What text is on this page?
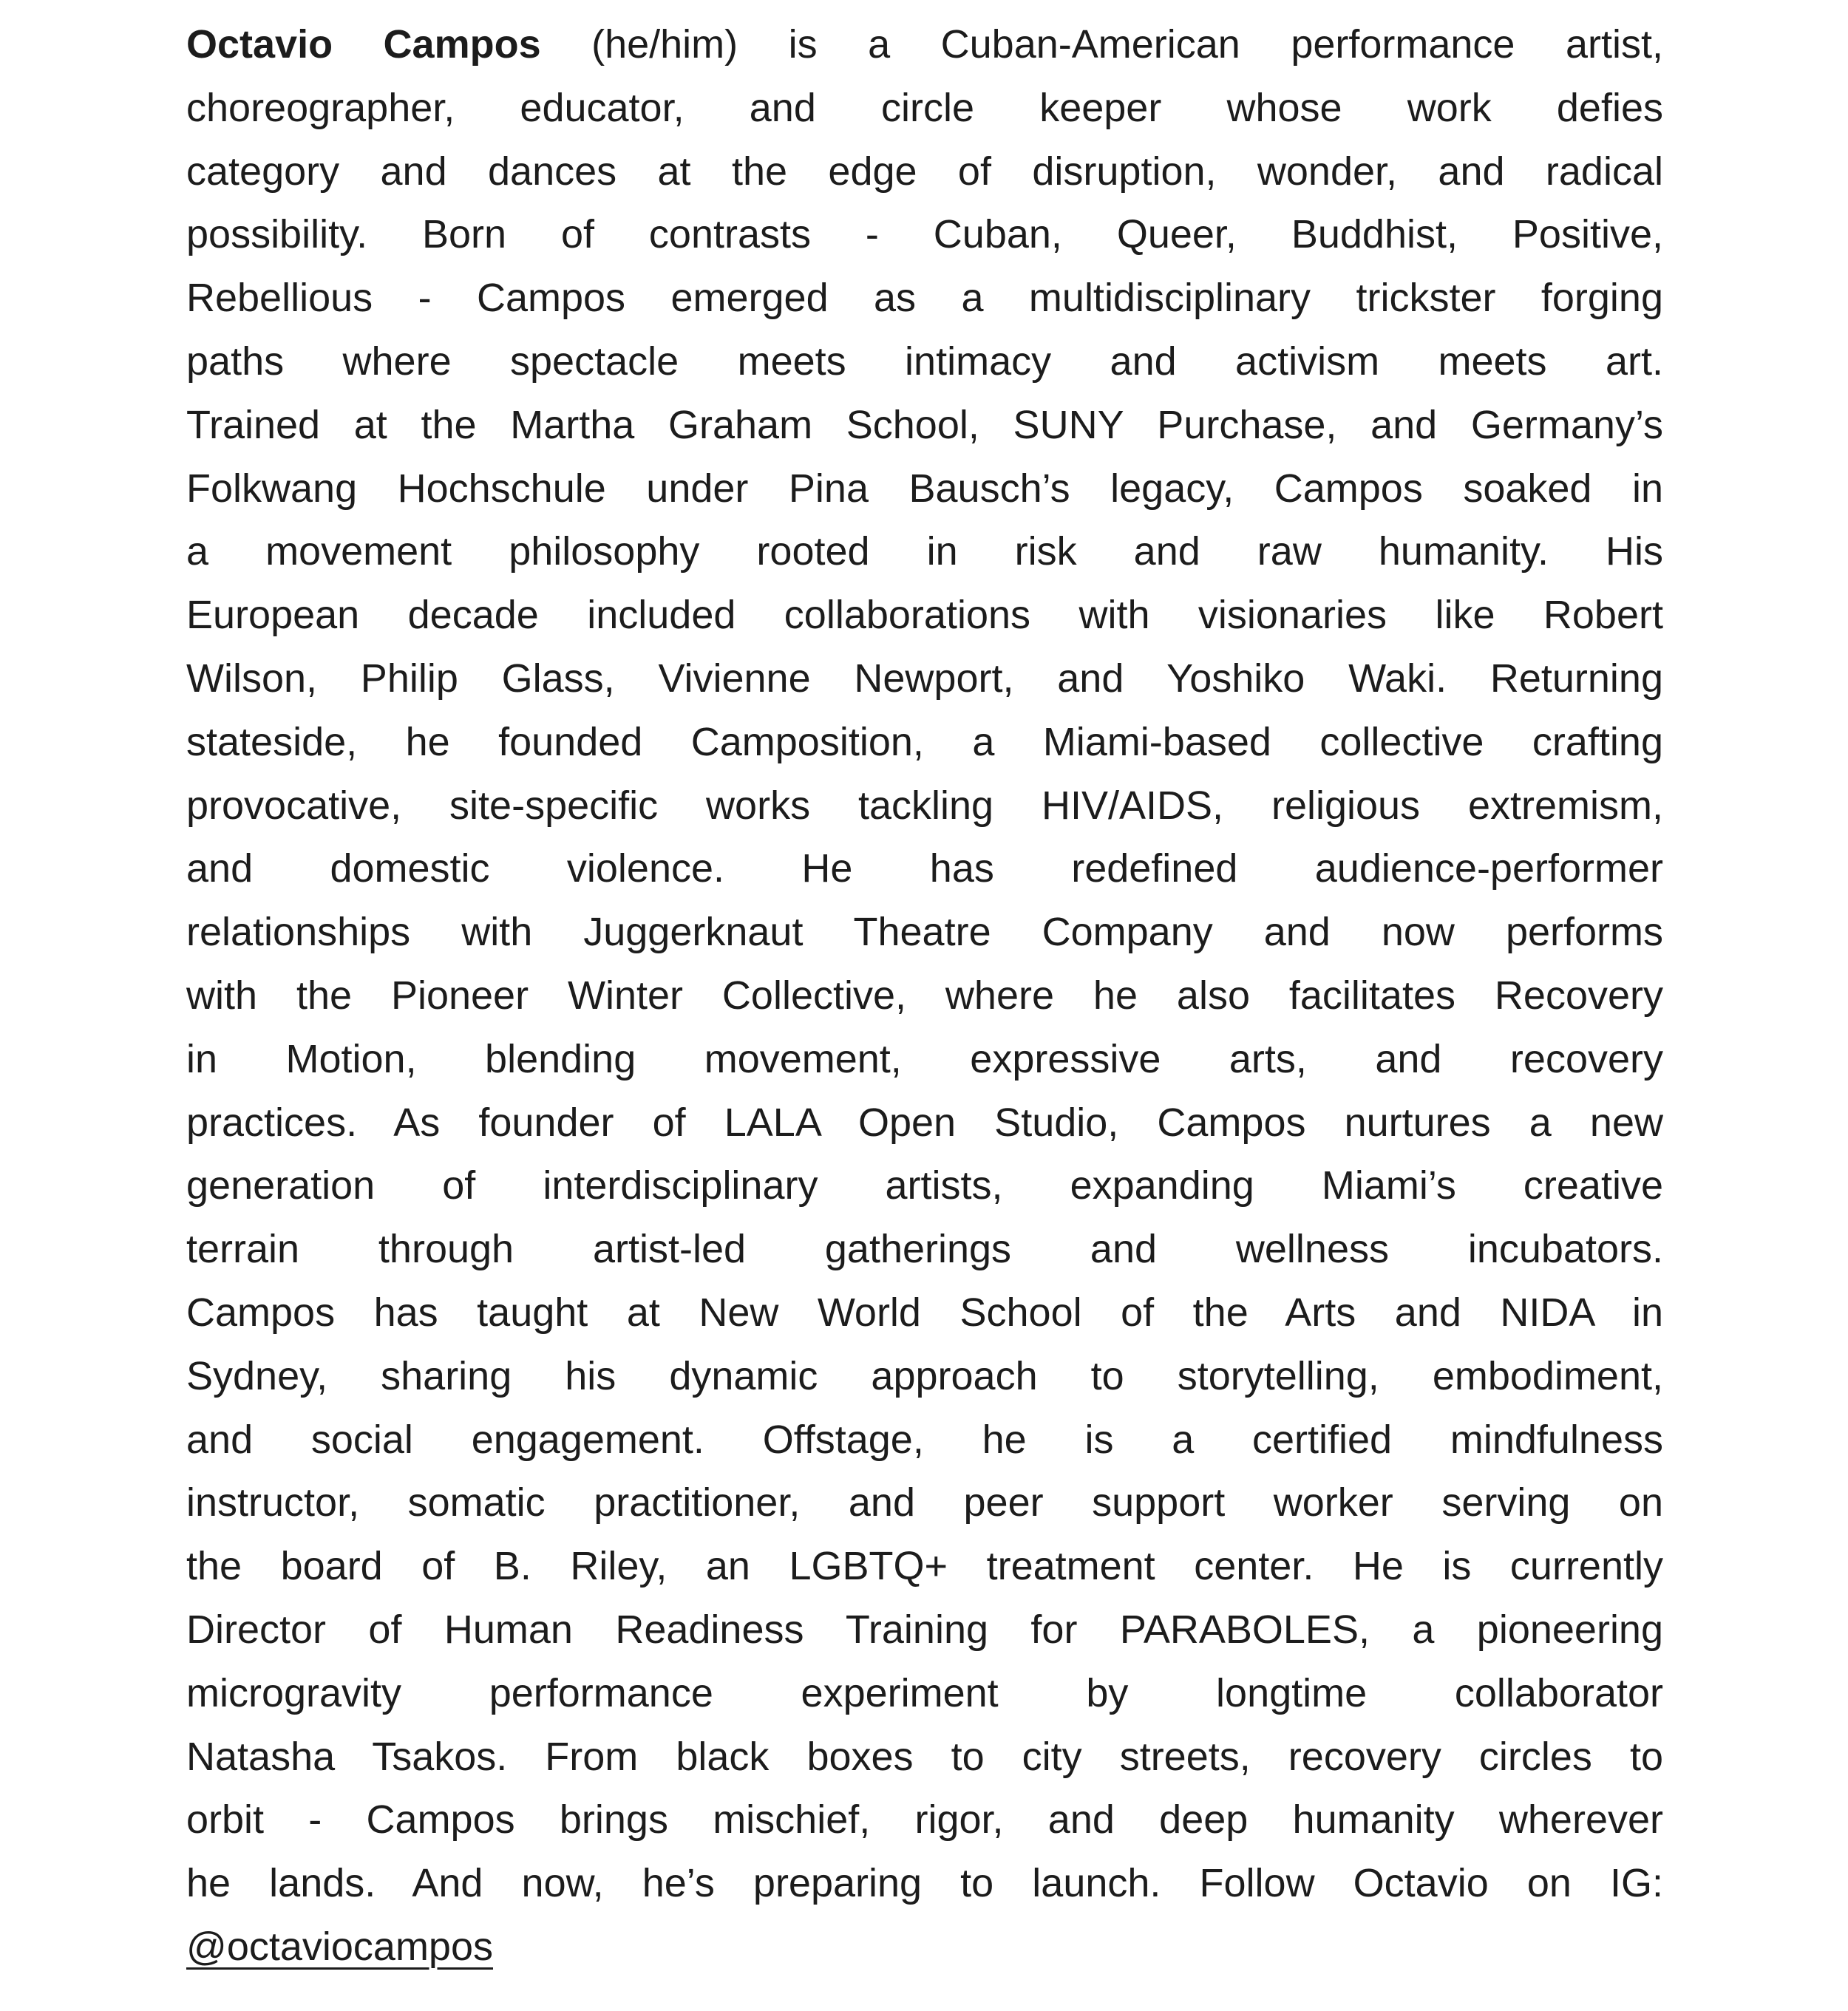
Octavio Campos (he/him) is a Cuban-American performance artist,
choreographer, educator, and circle keeper whose work defies
category and dances at the edge of disruption, wonder, and radical
possibility. Born of contrasts - Cuban, Queer, Buddhist, Positive,
Rebellious - Campos emerged as a multidisciplinary trickster forging
paths where spectacle meets intimacy and activism meets art.
Trained at the Martha Graham School, SUNY Purchase, and Germany’s
Folkwang Hochschule under Pina Bausch’s legacy, Campos soaked in
a movement philosophy rooted in risk and raw humanity. His
European decade included collaborations with visionaries like Robert
Wilson, Philip Glass, Vivienne Newport, and Yoshiko Waki. Returning
stateside, he founded Camposition, a Miami-based collective crafting
provocative, site-specific works tackling HIV/AIDS, religious extremism,
and domestic violence. He has redefined audience-performer
relationships with Juggerknaut Theatre Company and now performs
with the Pioneer Winter Collective, where he also facilitates Recovery
in Motion, blending movement, expressive arts, and recovery
practices. As founder of LALA Open Studio, Campos nurtures a new
generation of interdisciplinary artists, expanding Miami’s creative
terrain through artist-led gatherings and wellness incubators.
Campos has taught at New World School of the Arts and NIDA in
Sydney, sharing his dynamic approach to storytelling, embodiment,
and social engagement. Offstage, he is a certified mindfulness
instructor, somatic practitioner, and peer support worker serving on
the board of B. Riley, an LGBTQ+ treatment center. He is currently
Director of Human Readiness Training for PARABOLES, a pioneering
microgravity performance experiment by longtime collaborator
Natasha Tsakos. From black boxes to city streets, recovery circles to
orbit - Campos brings mischief, rigor, and deep humanity wherever
he lands. And now, he’s preparing to launch. Follow Octavio on IG:
@octaviocampos
